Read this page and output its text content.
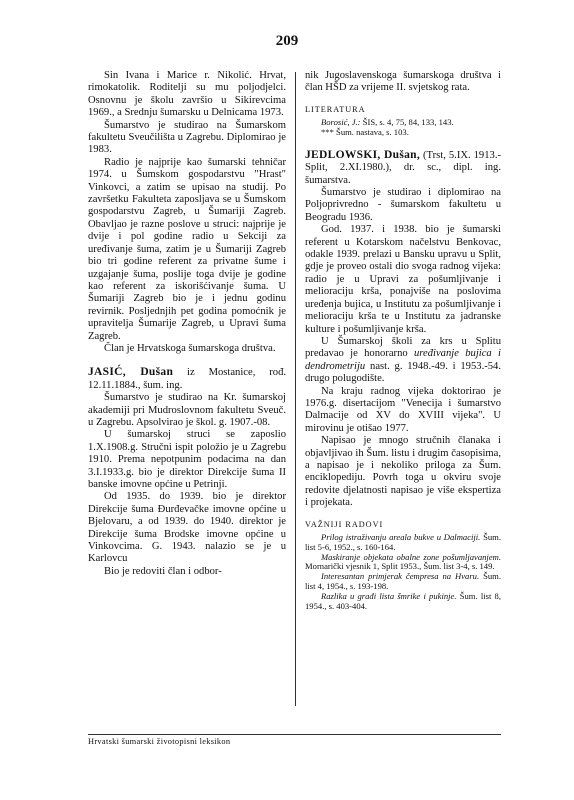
209

Sin Ivana i Marice r. Nikolić. Hrvat, rimokatolik. Roditelji su mu poljodjelci. Osnovnu je školu završio u Sikirevcima 1969., a Srednju šumarsku u Delnicama 1973.

Šumarstvo je studirao na Šumarskom fakultetu Sveučilišta u Zagrebu. Diplomirao je 1983.

Radio je najprije kao šumarski tehničar 1974. u Šumskom gospodarstvu "Hrast" Vinkovci, a zatim se upisao na studij. Po završetku Fakulteta zaposljava se u Šumskom gospodarstvu Zagreb, u Šumariji Zagreb. Obavljao je razne poslove u struci: najprije je dvije i pol godine radio u Sekciji za uređivanje šuma, zatim je u Šumariji Zagreb bio tri godine referent za privatne šume i uzgajanje šuma, poslije toga dvije je godine kao referent za iskorišćivanje šuma. U Šumariji Zagreb bio je i jednu godinu revirnik. Posljednjih pet godina pomoćnik je upravitelja Šumarije Zagreb, u Upravi šuma Zagreb.

Član je Hrvatskoga šumarskoga društva.

JASIĆ, Dušan iz Mostanice, rođ. 12.11.1884., šum. ing.

Šumarstvo je studirao na Kr. šumarskoj akademiji pri Mudroslovnom fakultetu Sveuč. u Zagrebu. Apsolvirao je škol. g. 1907.-08.

U šumarskoj struci se zaposlio 1.X.1908.g. Stručni ispit položio je u Zagrebu 1910. Prema nepotpunim podacima na dan 3.I.1933.g. bio je direktor Direkcije šuma II banske imovne općine u Petrinji.

Od 1935. do 1939. bio je direktor Direkcije šuma Đurđevačke imovne općine u Bjelovaru, a od 1939. do 1940. direktor je Direkcije šuma Brodske imovne općine u Vinkovcima. G. 1943. nalazio se je u Karlovcu

Bio je redoviti član i odbor-

nik Jugoslavenskoga šumarskoga društva i član HŠD za vrijeme II. svjetskog rata.

LITERATURA
Borosić, J.: ŠIS, s. 4, 75, 84, 133, 143.
*** Šum. nastava, s. 103.

JEDLOWSKI, Dušan, (Trst, 5.IX. 1913.- Split, 2.XI.1980.), dr. sc., dipl. ing. šumarstva.

Šumarstvo je studirao i diplomirao na Poljoprivredno - šumarskom fakultetu u Beogradu 1936.

God. 1937. i 1938. bio je šumarski referent u Kotarskom načelstvu Benkovac, odakle 1939. prelazi u Bansku upravu u Split, gdje je proveo ostali dio svoga radnog vijeka: radio je u Upravi za pošumljivanje i melioraciju krša, ponajviše na poslovima uređenja bujica, u Institutu za pošumljivanje i melioraciju krša te u Institutu za jadranske kulture i pošumljivanje krša.

U Šumarskoj školi za krs u Splitu predavao je honorarno uređivanje bujica i dendrometriju nast. g. 1948.-49. i 1953.-54. drugo polugodište.

Na kraju radnog vijeka doktorirao je 1976.g. disertacijom "Venecija i šumarstvo Dalmacije od XV do XVIII vijeka". U mirovinu je otišao 1977.

Napisao je mnogo stručnih članaka i objavljivao ih Šum. listu i drugim časopisima, a napisao je i nekoliko priloga za Šum. enciklopediju. Povrh toga u okviru svoje redovite djelatnosti napisao je više ekspertiza i projekata.

VAŽNIJI RADOVI

Prilog istraživanju areala bukve u Dalmaciji. Šum. list 5-6, 1952., s. 160-164.

Maskiranje objekata obalne zone pošumljavanjem. Mornarički vjesnik 1, Split 1953., Šum. list 3-4, s. 149.

Interesantan primjerak čempresa na Hvaru. Šum. list 4, 1954., s. 193-198.

Razlika u građi lista šmrike i pukinje. Šum. list 8, 1954., s. 403-404.

Hrvatski šumarski životopisni leksikon
